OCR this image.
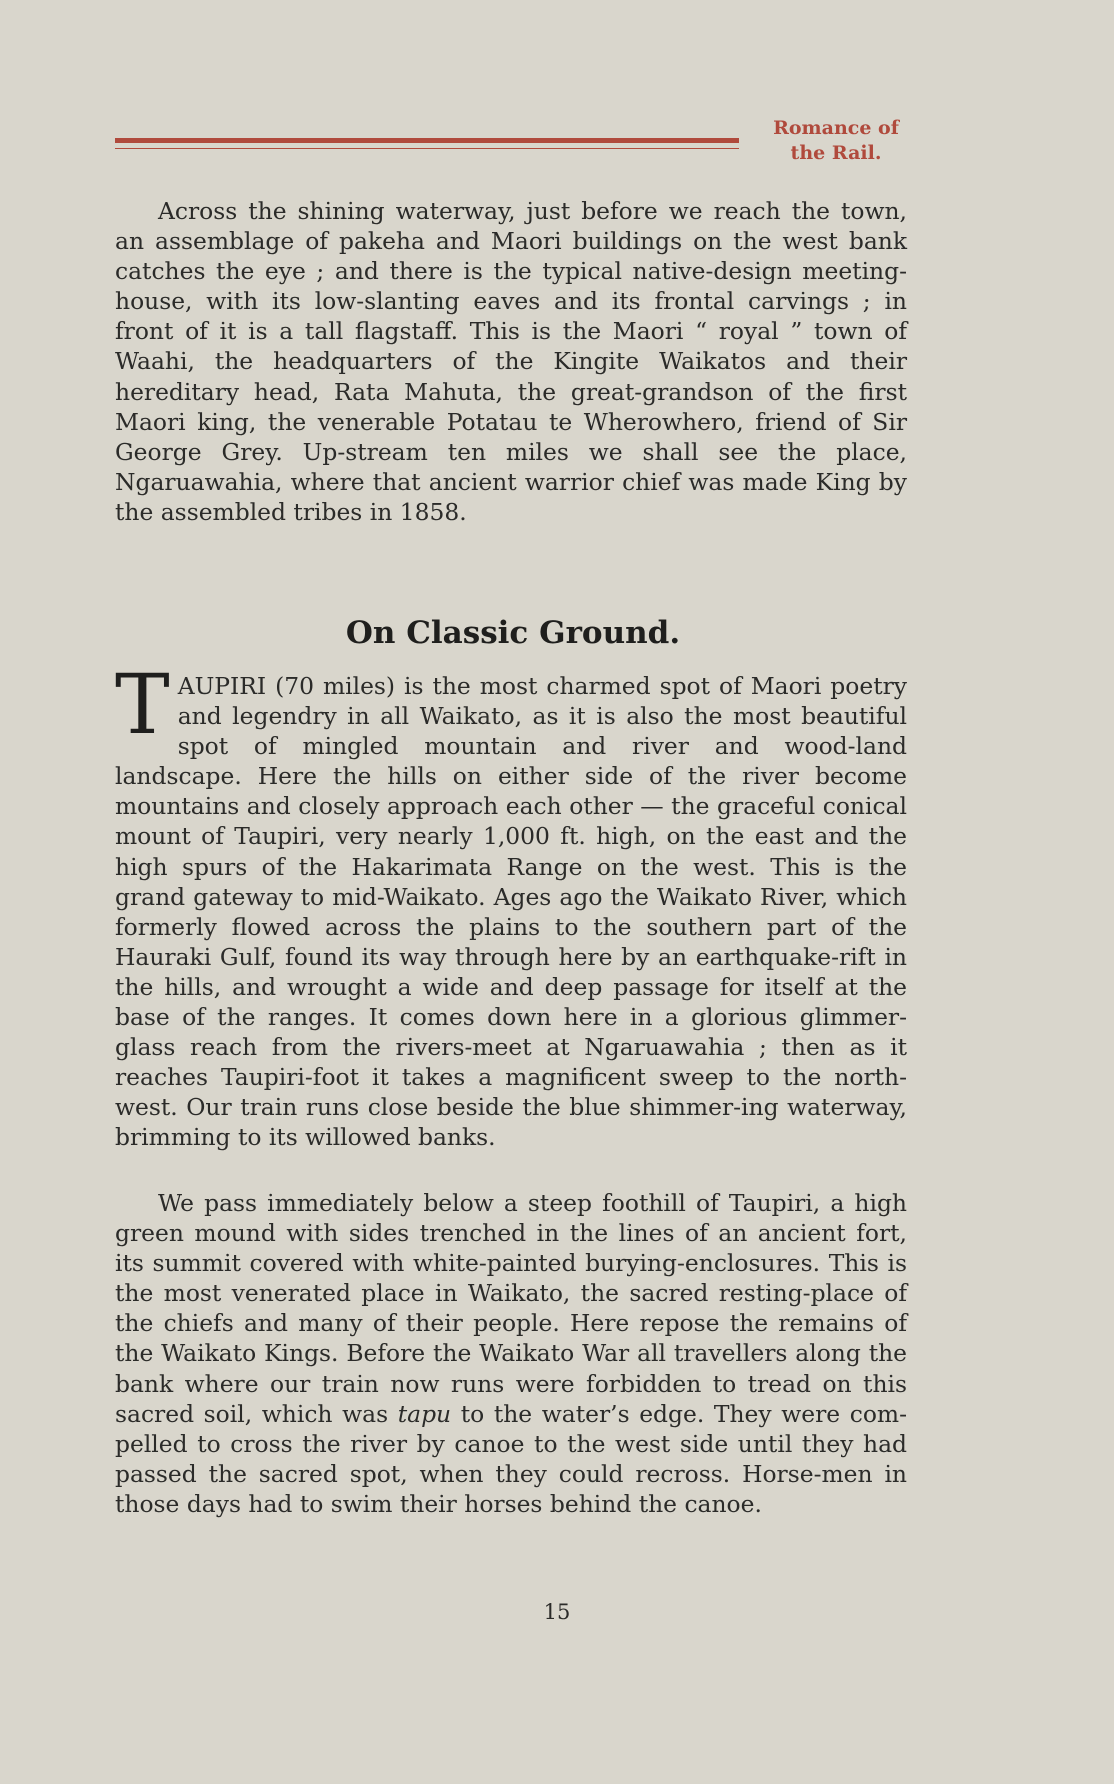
Romance of
the Rail.

Across the shining waterway, just before we reach the town, an assemblage of pakeha and Maori buildings on the west bank catches the eye ; and there is the typical native-design meeting-house, with its low-slanting eaves and its frontal carvings ; in front of it is a tall flagstaff. This is the Maori “ royal ” town of Waahi, the headquarters of the Kingite Waikatos and their hereditary head, Rata Mahuta, the great-grandson of the first Maori king, the venerable Potatau te Wherowhero, friend of Sir George Grey. Up-stream ten miles we shall see the place, Ngaruawahia, where that ancient warrior chief was made King by the assembled tribes in 1858.

On Classic Ground.

TAUPIRI (70 miles) is the most charmed spot of Maori poetry and legendry in all Waikato, as it is also the most beautiful spot of mingled mountain and river and wood-land landscape. Here the hills on either side of the river become mountains and closely approach each other — the graceful conical mount of Taupiri, very nearly 1,000 ft. high, on the east and the high spurs of the Hakarimata Range on the west. This is the grand gateway to mid-Waikato. Ages ago the Waikato River, which formerly flowed across the plains to the southern part of the Hauraki Gulf, found its way through here by an earthquake-rift in the hills, and wrought a wide and deep passage for itself at the base of the ranges. It comes down here in a glorious glimmer-glass reach from the rivers-meet at Ngaruawahia ; then as it reaches Taupiri-foot it takes a magnificent sweep to the north-west. Our train runs close beside the blue shimmer-ing waterway, brimming to its willowed banks.

We pass immediately below a steep foothill of Taupiri, a high green mound with sides trenched in the lines of an ancient fort, its summit covered with white-painted burying-enclosures. This is the most venerated place in Waikato, the sacred resting-place of the chiefs and many of their people. Here repose the remains of the Waikato Kings. Before the Waikato War all travellers along the bank where our train now runs were forbidden to tread on this sacred soil, which was tapu to the water’s edge. They were com-pelled to cross the river by canoe to the west side until they had passed the sacred spot, when they could recross. Horse-men in those days had to swim their horses behind the canoe.

15
